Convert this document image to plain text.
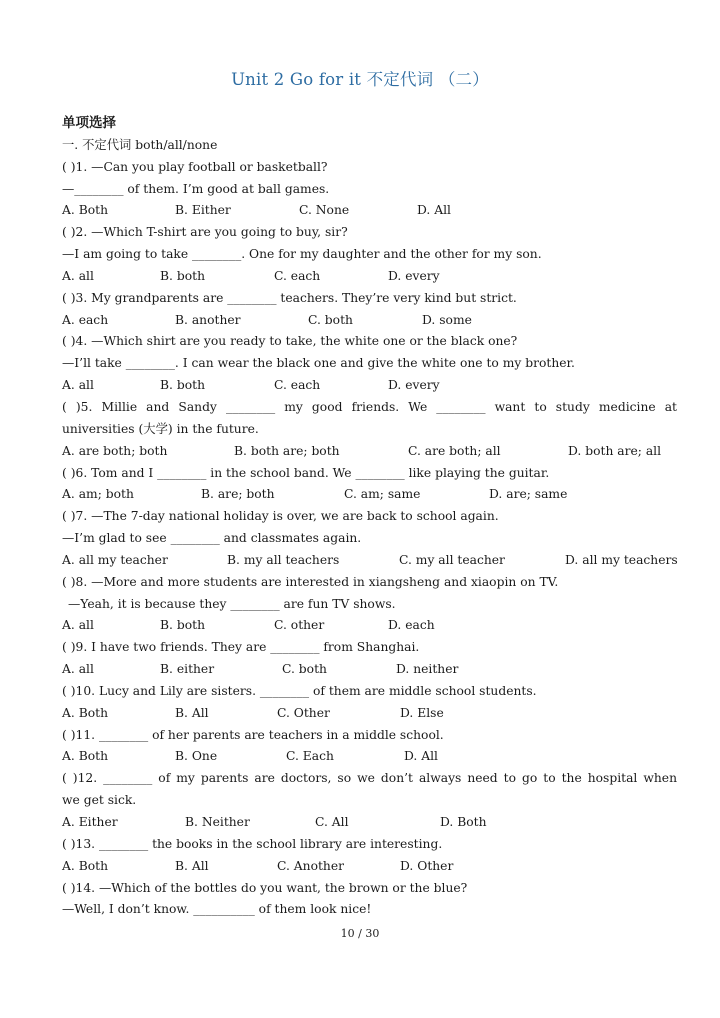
Unit 2 Go for it 不定代词 （二）
单项选择
一. 不定代词 both/all/none
( )1. —Can you play football or basketball?
—________ of them. I’m good at ball games.
A. Both	B. Either	C. None	D. All
( )2. —Which T-shirt are you going to buy, sir?
—I am going to take ________. One for my daughter and the other for my son.
A. all	B. both	C. each	D. every
( )3. My grandparents are ________ teachers. They’re very kind but strict.
A. each	B. another	C. both	D. some
( )4. —Which shirt are you ready to take, the white one or the black one?
—I’ll take ________. I can wear the black one and give the white one to my brother.
A. all	B. both	C. each	D. every
( )5. Millie and Sandy ________ my good friends. We ________ want to study medicine at
universities (大学) in the future.
A. are both; both	B. both are; both	C. are both; all	D. both are; all
( )6. Tom and I ________ in the school band. We ________ like playing the guitar.
A. am; both	B. are; both	C. am; same	D. are; same
( )7. —The 7-day national holiday is over, we are back to school again.
—I’m glad to see ________ and classmates again.
A. all my teacher	B. my all teachers	C. my all teacher	D. all my teachers
( )8. —More and more students are interested in xiangsheng and xiaopin on TV.
—Yeah, it is because they ________ are fun TV shows.
A. all	B. both	C. other	D. each
( )9. I have two friends. They are ________ from Shanghai.
A. all	B. either	C. both	D. neither
( )10. Lucy and Lily are sisters. ________ of them are middle school students.
A. Both	B. All	C. Other	D. Else
( )11. ________ of her parents are teachers in a middle school.
A. Both	B. One	C. Each	D. All
( )12. ________ of my parents are doctors, so we don’t always need to go to the hospital when
we get sick.
A. Either	B. Neither	C. All	D. Both
( )13. ________ the books in the school library are interesting.
A. Both	B. All	C. Another	D. Other
( )14. —Which of the bottles do you want, the brown or the blue?
—Well, I don’t know. __________ of them look nice!
10 / 30
